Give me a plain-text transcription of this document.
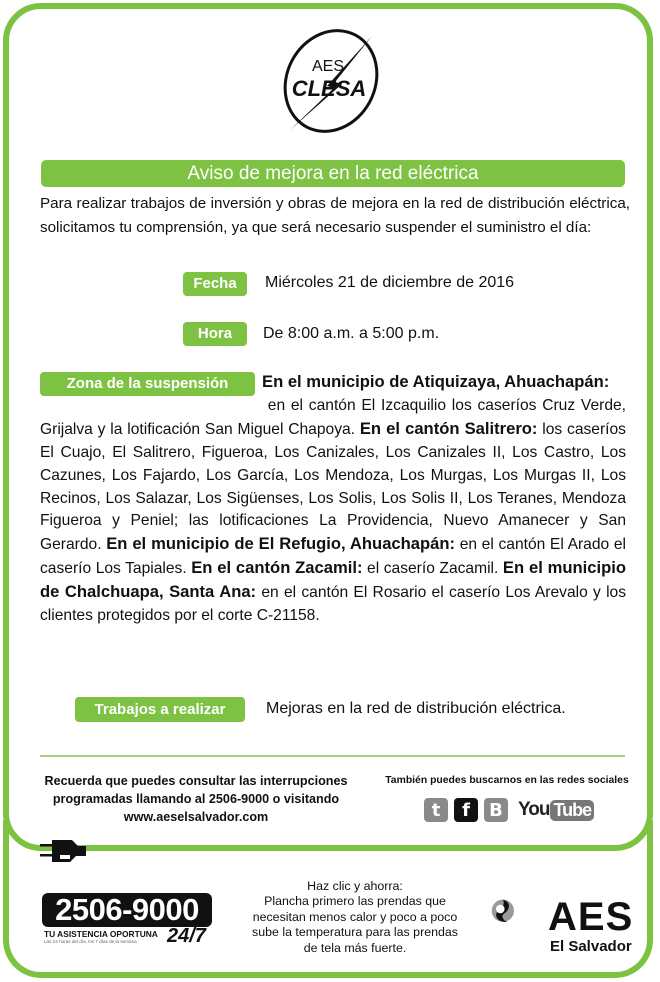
AES
CLESA
Aviso de mejora en la red eléctrica
Para realizar trabajos de inversión y obras de mejora en la red de distribución eléctrica, solicitamos tu comprensión, ya que será necesario suspender el suministro el día:
Fecha	Miércoles 21 de diciembre de 2016
Hora	De 8:00 a.m. a 5:00 p.m.
Zona de la suspensión	En el municipio de Atiquizaya, Ahuachapán:
en el cantón El Izcaquilio los caseríos Cruz Verde, Grijalva y la lotificación San Miguel Chapoya. En el cantón Salitrero: los caseríos El Cuajo, El Salitrero, Figueroa, Los Canizales, Los Canizales II, Los Castro, Los Cazunes, Los Fajardo, Los García, Los Mendoza, Los Murgas, Los Murgas II, Los Recinos, Los Salazar, Los Sigüenses, Los Solis, Los Solis II, Los Teranes, Mendoza Figueroa y Peniel; las lotificaciones La Providencia, Nuevo Amanecer y San Gerardo. En el municipio de El Refugio, Ahuachapán: en el cantón El Arado el caserío Los Tapiales. En el cantón Zacamil: el caserío Zacamil. En el municipio de Chalchuapa, Santa Ana: en el cantón El Rosario el caserío Los Arevalo y los clientes protegidos por el corte C-21158.
Trabajos a realizar	Mejoras en la red de distribución eléctrica.
Recuerda que puedes consultar las interrupciones
programadas llamando al 2506-9000 o visitando
www.aeselsalvador.com
También puedes buscarnos en las redes sociales
t	f	B You Tube
2506-9000
TU ASISTENCIA OPORTUNA
Las 24 horas del día, los 7 días de la semana 24/7
Haz clic y ahorra:
Plancha primero las prendas que
necesitan menos calor y poco a poco
sube la temperatura para las prendas
de tela más fuerte.
AES
El Salvador
